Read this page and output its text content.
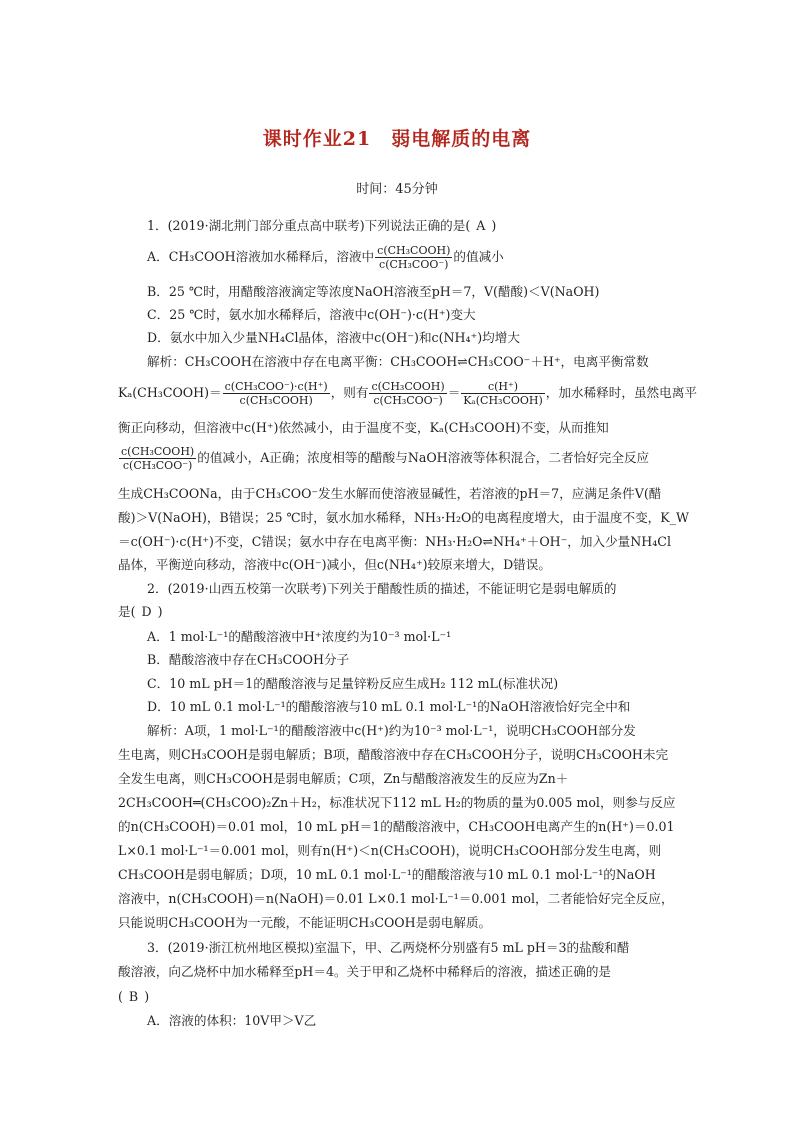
课时作业21　弱电解质的电离
时间：45分钟
1．(2019·湖北荆门部分重点高中联考)下列说法正确的是( A )
A．CH₃COOH溶液加水稀释后，溶液中 $\frac{\text{c(CH₃COOH)}}{\text{c(CH₃COO⁻)}}$ 的值减小
B．25 ℃时，用醋酸溶液滴定等浓度NaOH溶液至pH＝7，V(醋酸)＜V(NaOH)
C．25 ℃时，氨水加水稀释后，溶液中c(OH⁻)·c(H⁺)变大
D．氨水中加入少量NH₄Cl晶体，溶液中c(OH⁻)和c(NH₄⁺)均增大
解析：CH₃COOH在溶液中存在电离平衡：CH₃COOH⇌CH₃COO⁻＋H⁺，电离平衡常数
Kₐ(CH₃COOH)＝ $\frac{\text{c(CH₃COO⁻)·c(H⁺)}}{\text{c(CH₃COOH)}}$ ，则有 $\frac{\text{c(CH₃COOH)}}{\text{c(CH₃COO⁻)}} = \frac{c(H^+)}{\text{Kₐ(CH₃COOH)}}$ ，加水稀释时，虽然电离平
衡正向移动，但溶液中c(H⁺)依然减小，由于温度不变，Kₐ(CH₃COOH)不变，从而推知
$\frac{\text{c(CH₃COOH)}}{\text{c(CH₃COO⁻)}}$ 的值减小，A正确；浓度相等的醋酸与NaOH溶液等体积混合，二者恰好完全反应
生成CH₃COONa，由于CH₃COO⁻发生水解而使溶液显碱性，若溶液的pH＝7，应满足条件V(醋
酸)＞V(NaOH)，B错误；25 ℃时，氨水加水稀释，NH₃·H₂O的电离程度增大，由于温度不变，K_W
＝c(OH⁻)·c(H⁺)不变，C错误；氨水中存在电离平衡：NH₃·H₂O⇌NH₄⁺＋OH⁻，加入少量NH₄Cl
晶体，平衡逆向移动，溶液中c(OH⁻)减小，但c(NH₄⁺)较原来增大，D错误。
2．(2019·山西五校第一次联考)下列关于醋酸性质的描述，不能证明它是弱电解质的
是( D )
A．1 mol·L⁻¹的醋酸溶液中H⁺浓度约为10⁻³ mol·L⁻¹
B．醋酸溶液中存在CH₃COOH分子
C．10 mL pH＝1的醋酸溶液与足量锌粉反应生成H₂ 112 mL(标准状况)
D．10 mL 0.1 mol·L⁻¹的醋酸溶液与10 mL 0.1 mol·L⁻¹的NaOH溶液恰好完全中和
解析：A项，1 mol·L⁻¹的醋酸溶液中c(H⁺)约为10⁻³ mol·L⁻¹，说明CH₃COOH部分发
生电离，则CH₃COOH是弱电解质；B项，醋酸溶液中存在CH₃COOH分子，说明CH₃COOH未完
全发生电离，则CH₃COOH是弱电解质；C项，Zn与醋酸溶液发生的反应为Zn＋
2CH₃COOH═(CH₃COO)₂Zn＋H₂，标准状况下112 mL H₂的物质的量为0.005 mol，则参与反应
的n(CH₃COOH)＝0.01 mol，10 mL pH＝1的醋酸溶液中，CH₃COOH电离产生的n(H⁺)＝0.01
L×0.1 mol·L⁻¹＝0.001 mol，则有n(H⁺)＜n(CH₃COOH)，说明CH₃COOH部分发生电离，则
CH₃COOH是弱电解质；D项，10 mL 0.1 mol·L⁻¹的醋酸溶液与10 mL 0.1 mol·L⁻¹的NaOH
溶液中，n(CH₃COOH)＝n(NaOH)＝0.01 L×0.1 mol·L⁻¹＝0.001 mol，二者能恰好完全反应，
只能说明CH₃COOH为一元酸，不能证明CH₃COOH是弱电解质。
3．(2019·浙江杭州地区模拟)室温下，甲、乙两烧杯分别盛有5 mL pH＝3的盐酸和醋
酸溶液，向乙烧杯中加水稀释至pH＝4。关于甲和乙烧杯中稀释后的溶液，描述正确的是
( B )
A．溶液的体积：10V甲＞V乙
